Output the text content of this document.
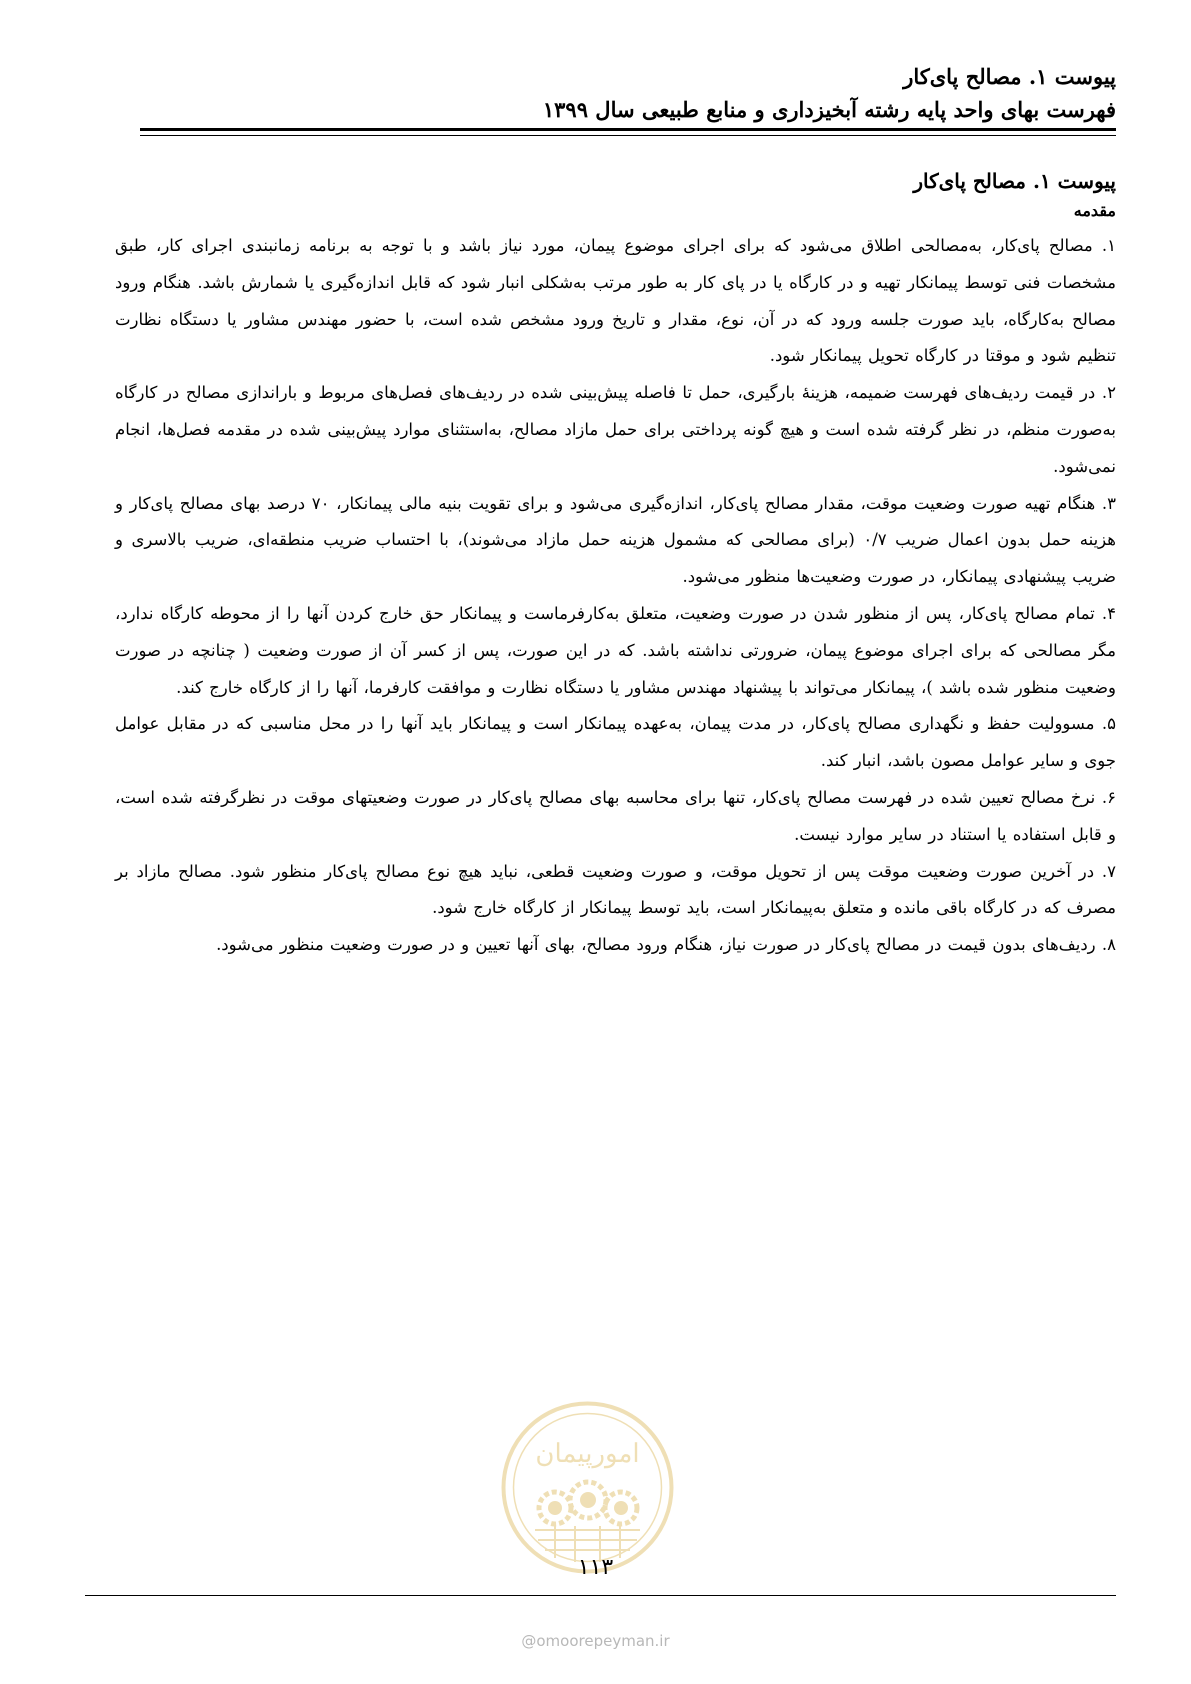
پیوست ۱. مصالح پای‌کار
فهرست بهای واحد پایه رشته آبخیزداری و منابع طبیعی سال ۱۳۹۹
پیوست ۱. مصالح پای‌کار
مقدمه

۱. مصالح پای‌کار، به‌مصالحی اطلاق می‌شود که برای اجرای موضوع پیمان، مورد نیاز باشد و با توجه به برنامه زمانبندی اجرای کار، طبق مشخصات فنی توسط پیمانکار تهیه و در کارگاه یا در پای کار به طور مرتب به‌شکلی انبار شود که قابل اندازه‌گیری یا شمارش باشد. هنگام ورود مصالح به‌کارگاه، باید صورت جلسه ورود که در آن، نوع، مقدار و تاریخ ورود مشخص شده است، با حضور مهندس مشاور یا دستگاه نظارت تنظیم شود و موقتا در کارگاه تحویل پیمانکار شود.

۲. در قیمت ردیف‌های فهرست ضمیمه، هزینهٔ بارگیری، حمل تا فاصله پیش‌بینی شده در ردیف‌های فصل‌های مربوط و باراندازی مصالح در کارگاه به‌صورت منظم، در نظر گرفته شده است و هیچ گونه پرداختی برای حمل مازاد مصالح، به‌استثنای موارد پیش‌بینی شده در مقدمه فصل‌ها، انجام نمی‌شود.

۳. هنگام تهیه صورت وضعیت موقت، مقدار مصالح پای‌کار، اندازه‌گیری می‌شود و برای تقویت بنیه مالی پیمانکار، ۷۰ درصد بهای مصالح پای‌کار و هزینه حمل بدون اعمال ضریب ۰/۷ (برای مصالحی که مشمول هزینه حمل مازاد می‌شوند)، با احتساب ضریب منطقه‌ای، ضریب بالاسری و ضریب پیشنهادی پیمانکار، در صورت وضعیت‌ها منظور می‌شود.

۴. تمام مصالح پای‌کار، پس از منظور شدن در صورت وضعیت، متعلق به‌کارفرماست و پیمانکار حق خارج کردن آنها را از محوطه کارگاه ندارد، مگر مصالحی که برای اجرای موضوع پیمان، ضرورتی نداشته باشد. که در این صورت، پس از کسر آن از صورت وضعیت ( چنانچه در صورت وضعیت منظور شده باشد )، پیمانکار می‌تواند با پیشنهاد مهندس مشاور یا دستگاه نظارت و موافقت کارفرما، آنها را از کارگاه خارج کند.

۵. مسوولیت حفظ و نگهداری مصالح پای‌کار، در مدت پیمان، به‌عهده پیمانکار است و پیمانکار باید آنها را در محل مناسبی که در مقابل عوامل جوی و سایر عوامل مصون باشد، انبار کند.

۶. نرخ مصالح تعیین شده در فهرست مصالح پای‌کار، تنها برای محاسبه بهای مصالح پای‌کار در صورت وضعیتهای موقت در نظرگرفته شده است، و قابل استفاده یا استناد در سایر موارد نیست.

۷. در آخرین صورت وضعیت موقت پس از تحویل موقت، و صورت وضعیت قطعی، نباید هیچ نوع مصالح پای‌کار منظور شود. مصالح مازاد بر مصرف که در کارگاه باقی مانده و متعلق به‌پیمانکار است، باید توسط پیمانکار از کارگاه خارج شود.

۸. ردیف‌های بدون قیمت در مصالح پای‌کار در صورت نیاز، هنگام ورود مصالح، بهای آنها تعیین و در صورت وضعیت منظور می‌شود.

امورپیمان
۱۱۳
@omoorepeyman.ir
